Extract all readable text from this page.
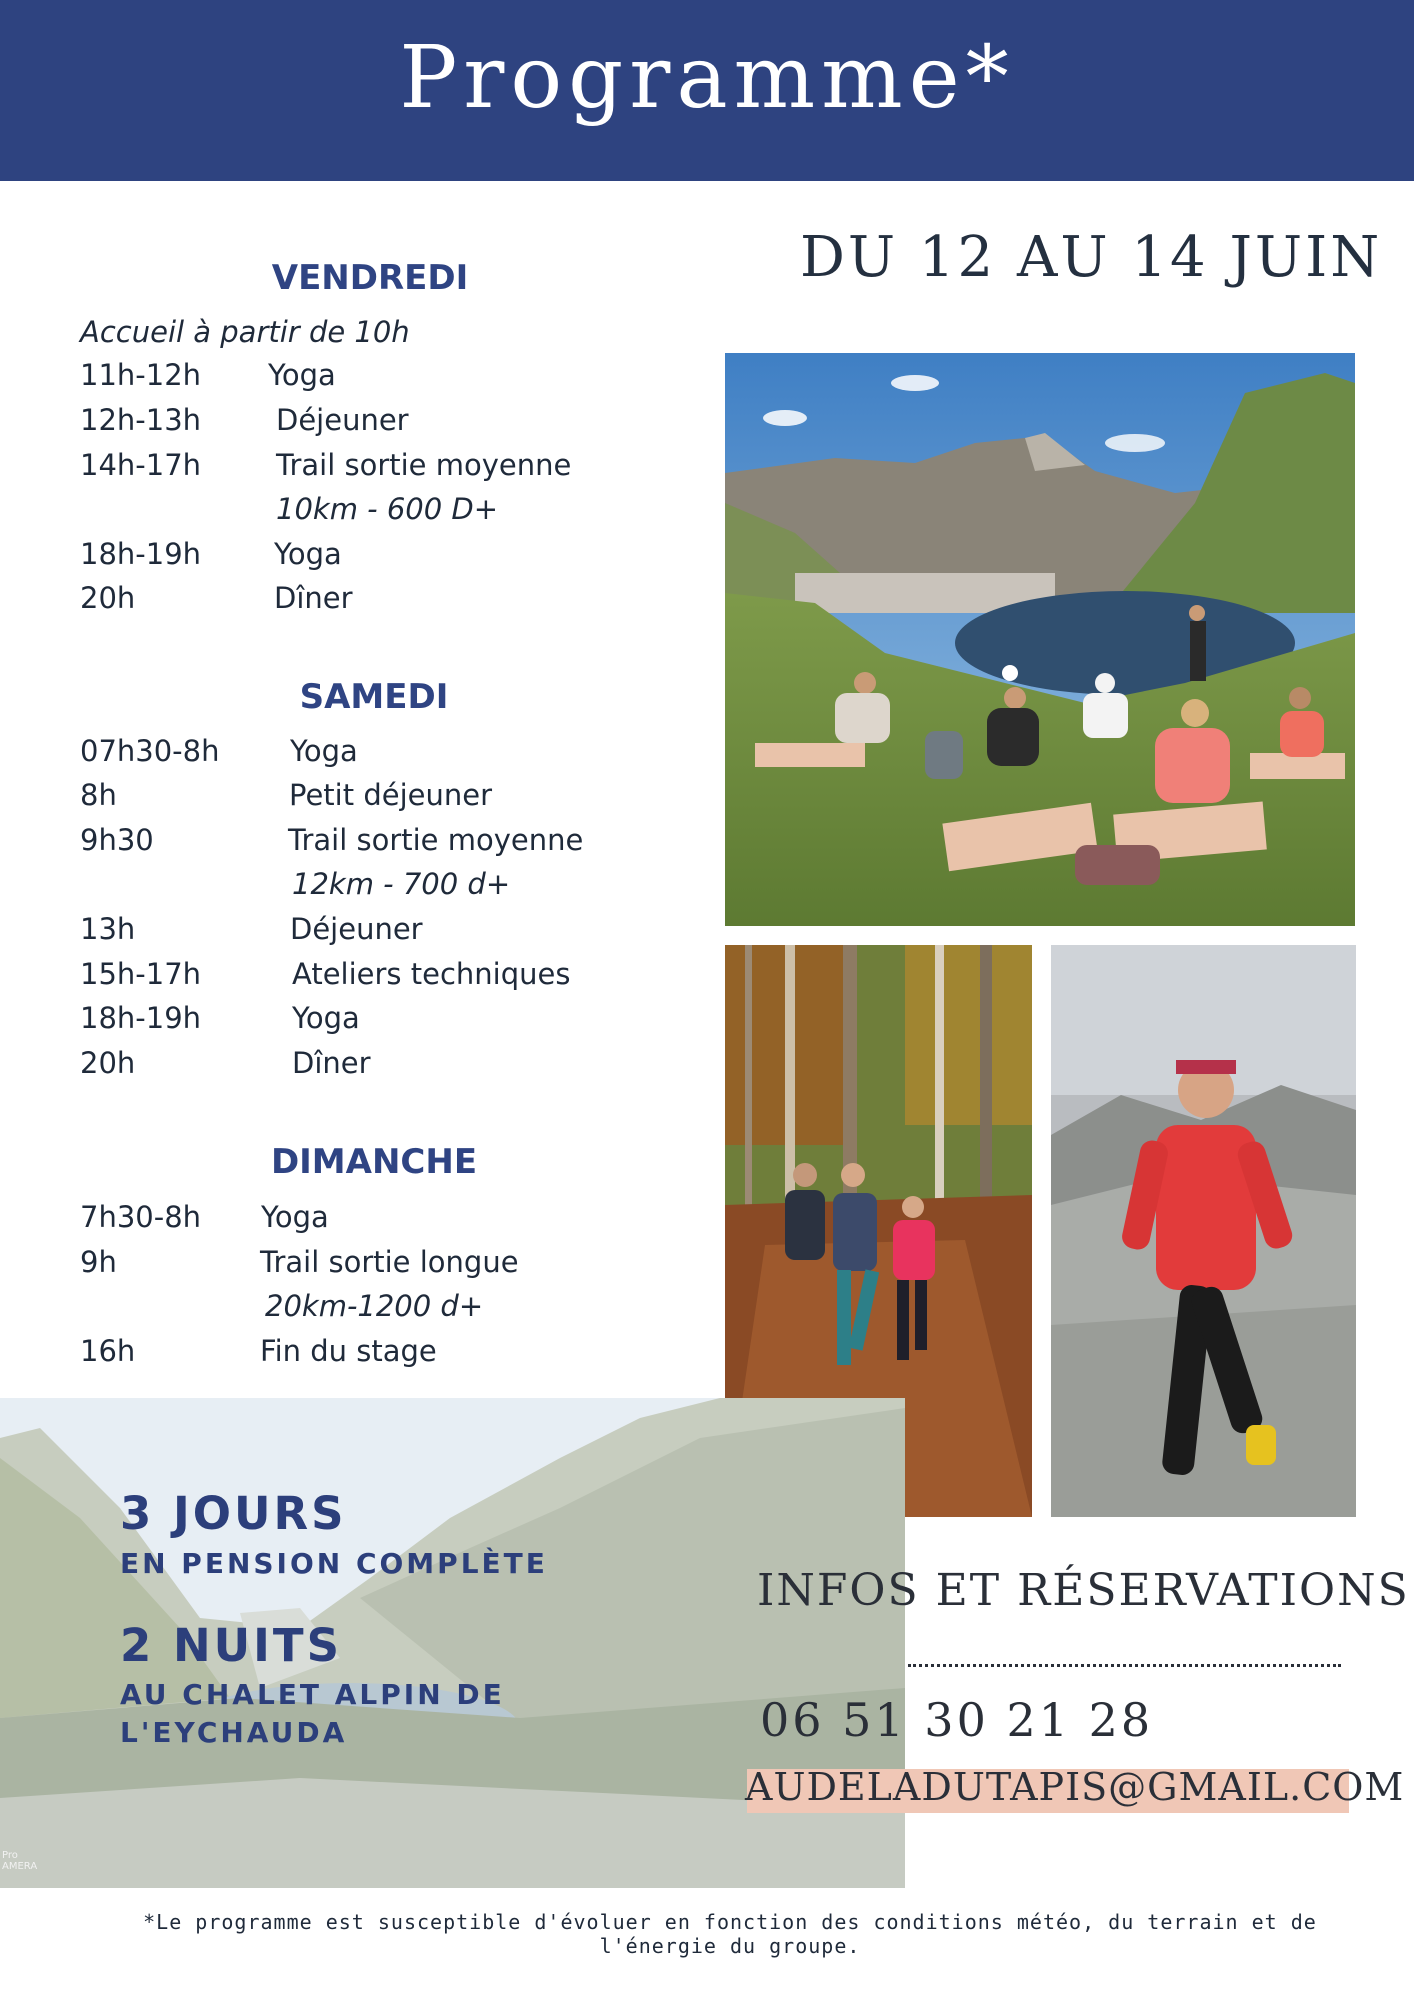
Programme*
DU 12 AU 14 JUIN
VENDREDI
Accueil à partir de 10h
11h-12h Yoga
12h-13h	Déjeuner
14h-17h	Trail sortie moyenne
10km - 600 D+
18h-19h	Yoga
20h	Dîner
SAMEDI
07h30-8h Yoga
8h	Petit déjeuner
9h30	Trail sortie moyenne
12km - 700 d+
13h	Déjeuner
15h-17h	Ateliers techniques
18h-19h	Yoga
20h	Dîner
DIMANCHE
7h30-8h Yoga
9h	Trail sortie longue
20km-1200 d+
16h	Fin du stage
3 JOURS
EN PENSION COMPLÈTE
2 NUITS
AU CHALET ALPIN DE
L'EYCHAUDA
Pro
AMERA
INFOS ET RÉSERVATIONS
06 51 30 21 28
AUDELADUTAPIS@GMAIL.COM
*Le programme est susceptible d'évoluer en fonction des conditions météo, du terrain et de l'énergie du groupe.
